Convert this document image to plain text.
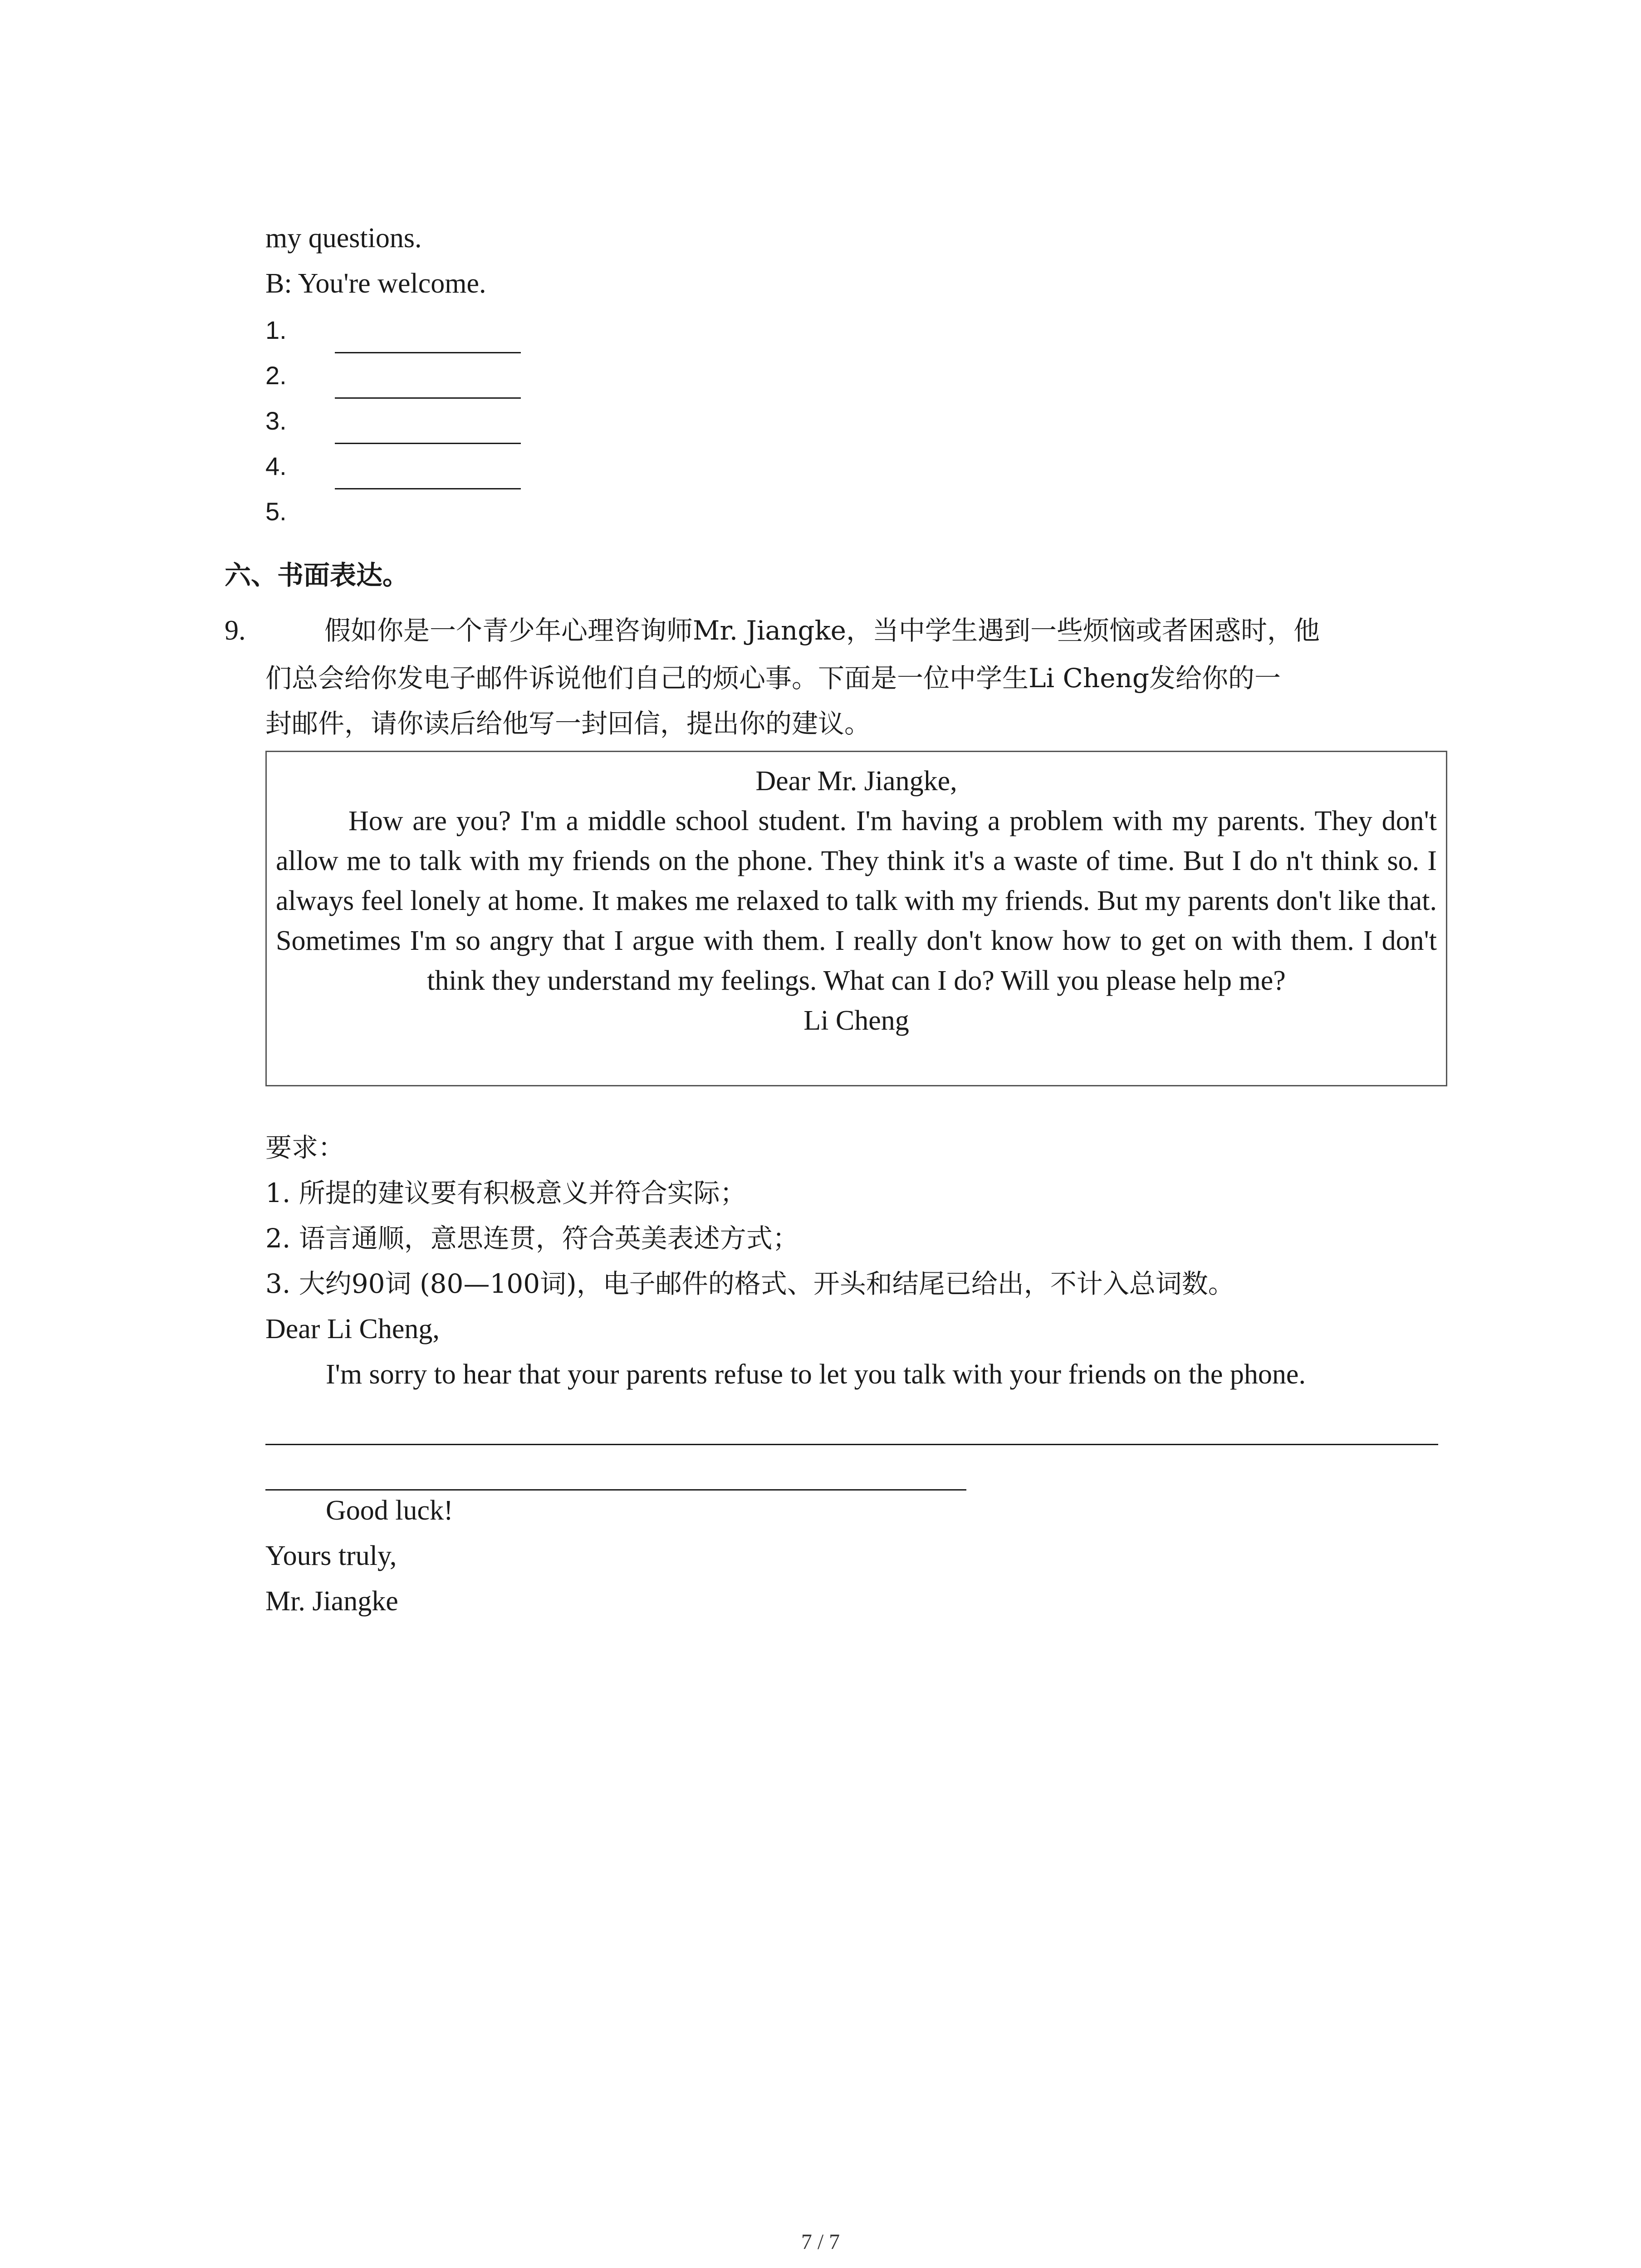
my questions.
B: You're welcome.
1.
2.
3.
4.
5.
六、书面表达。
9.	假如你是一个青少年心理咨询师Mr. Jiangke，当中学生遇到一些烦恼或者困惑时，他
们总会给你发电子邮件诉说他们自己的烦心事。下面是一位中学生Li Cheng发给你的一
封邮件，请你读后给他写一封回信，提出你的建议。
Dear Mr. Jiangke,
How are you? I'm a middle school student. I'm having a problem with my parents. They don't allow me to talk with my friends on the phone. They think it's a waste of time. But I do n't think so. I always feel lonely at home. It makes me relaxed to talk with my friends. But my parents don't like that. Sometimes I'm so angry that I argue with them. I really don't know how to get on with them. I don't think they understand my feelings. What can I do? Will you please help me?
Li Cheng
要求：
1. 所提的建议要有积极意义并符合实际；
2. 语言通顺，意思连贯，符合英美表述方式；
3. 大约90词 (80—100词)，电子邮件的格式、开头和结尾已给出，不计入总词数。
Dear Li Cheng,
I'm sorry to hear that your parents refuse to let you talk with your friends on the phone.
Good luck!
Yours truly,
Mr. Jiangke
7 / 7
